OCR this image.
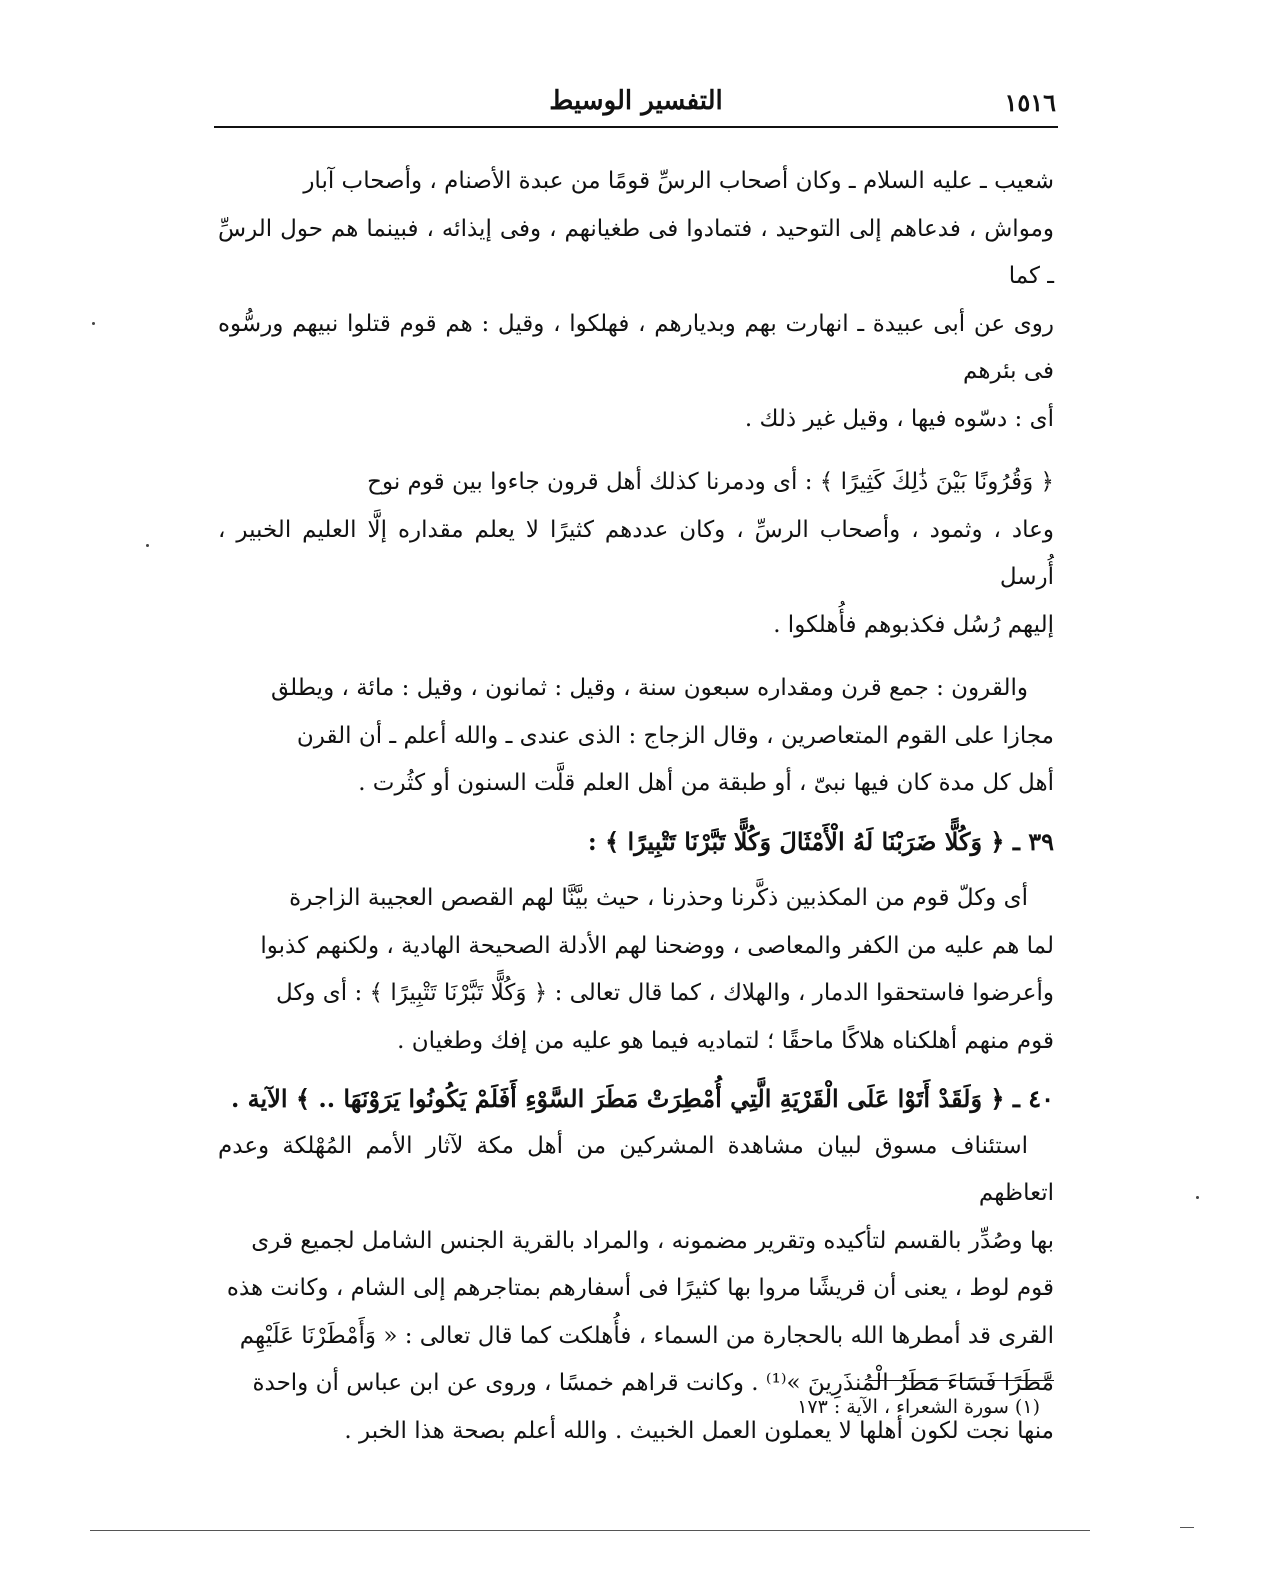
١٥١٦
التفسير الوسيط

شعيب ـ عليه السلام ـ وكان أصحاب الرسِّ قومًا من عبدة الأصنام ، وأصحاب آبار
ومواش ، فدعاهم إلى التوحيد ، فتمادوا فى طغيانهم ، وفى إيذائه ، فبينما هم حول الرسِّ ـ كما
روى عن أبى عبيدة ـ انهارت بهم وبديارهم ، فهلكوا ، وقيل : هم قوم قتلوا نبيهم ورسُّوه فى بئرهم
أى : دسّوه فيها ، وقيل غير ذلك .

﴿ وَقُرُونًا بَيْنَ ذَٰلِكَ كَثِيرًا ﴾ : أى ودمرنا كذلك أهل قرون جاءوا بين قوم نوح
وعاد ، وثمود ، وأصحاب الرسِّ ، وكان عددهم كثيرًا لا يعلم مقداره إلَّا العليم الخبير ، أُرسل
إليهم رُسُل فكذبوهم فأُهلكوا .

والقرون : جمع قرن ومقداره سبعون سنة ، وقيل : ثمانون ، وقيل : مائة ، ويطلق
مجازا على القوم المتعاصرين ، وقال الزجاج : الذى عندى ـ والله أعلم ـ أن القرن
أهل كل مدة كان فيها نبىّ ، أو طبقة من أهل العلم قلَّت السنون أو كثُرت .

٣٩ ـ ﴿ وَكُلًّا ضَرَبْنَا لَهُ الْأَمْثَالَ وَكُلًّا تَبَّرْنَا تَتْبِيرًا ﴾ :

أى وكلّ قوم من المكذبين ذكَّرنا وحذرنا ، حيث بيَّنَّا لهم القصص العجيبة الزاجرة
لما هم عليه من الكفر والمعاصى ، ووضحنا لهم الأدلة الصحيحة الهادية ، ولكنهم كذبوا
وأعرضوا فاستحقوا الدمار ، والهلاك ، كما قال تعالى : ﴿ وَكُلًّا تَبَّرْنَا تَتْبِيرًا ﴾ : أى وكل
قوم منهم أهلكناه هلاكًا ماحقًا ؛ لتماديه فيما هو عليه من إفك وطغيان .

٤٠ ـ ﴿ وَلَقَدْ أَتَوْا عَلَى الْقَرْيَةِ الَّتِي أُمْطِرَتْ مَطَرَ السَّوْءِ أَفَلَمْ يَكُونُوا يَرَوْنَهَا .. ﴾ الآية .

استئناف مسوق لبيان مشاهدة المشركين من أهل مكة لآثار الأمم المُهْلكة وعدم اتعاظهم
بها وصُدِّر بالقسم لتأكيده وتقرير مضمونه ، والمراد بالقرية الجنس الشامل لجميع قرى
قوم لوط ، يعنى أن قريشًا مروا بها كثيرًا فى أسفارهم بمتاجرهم إلى الشام ، وكانت هذه
القرى قد أمطرها الله بالحجارة من السماء ، فأُهلكت كما قال تعالى : « وَأَمْطَرْنَا عَلَيْهِم
مَّطَرًا فَسَاءَ مَطَرُ الْمُنذَرِينَ »⁽¹⁾ . وكانت قراهم خمسًا ، وروى عن ابن عباس أن واحدة
منها نجت لكون أهلها لا يعملون العمل الخبيث . والله أعلم بصحة هذا الخبر .

(١) سورة الشعراء ، الآية : ١٧٣
